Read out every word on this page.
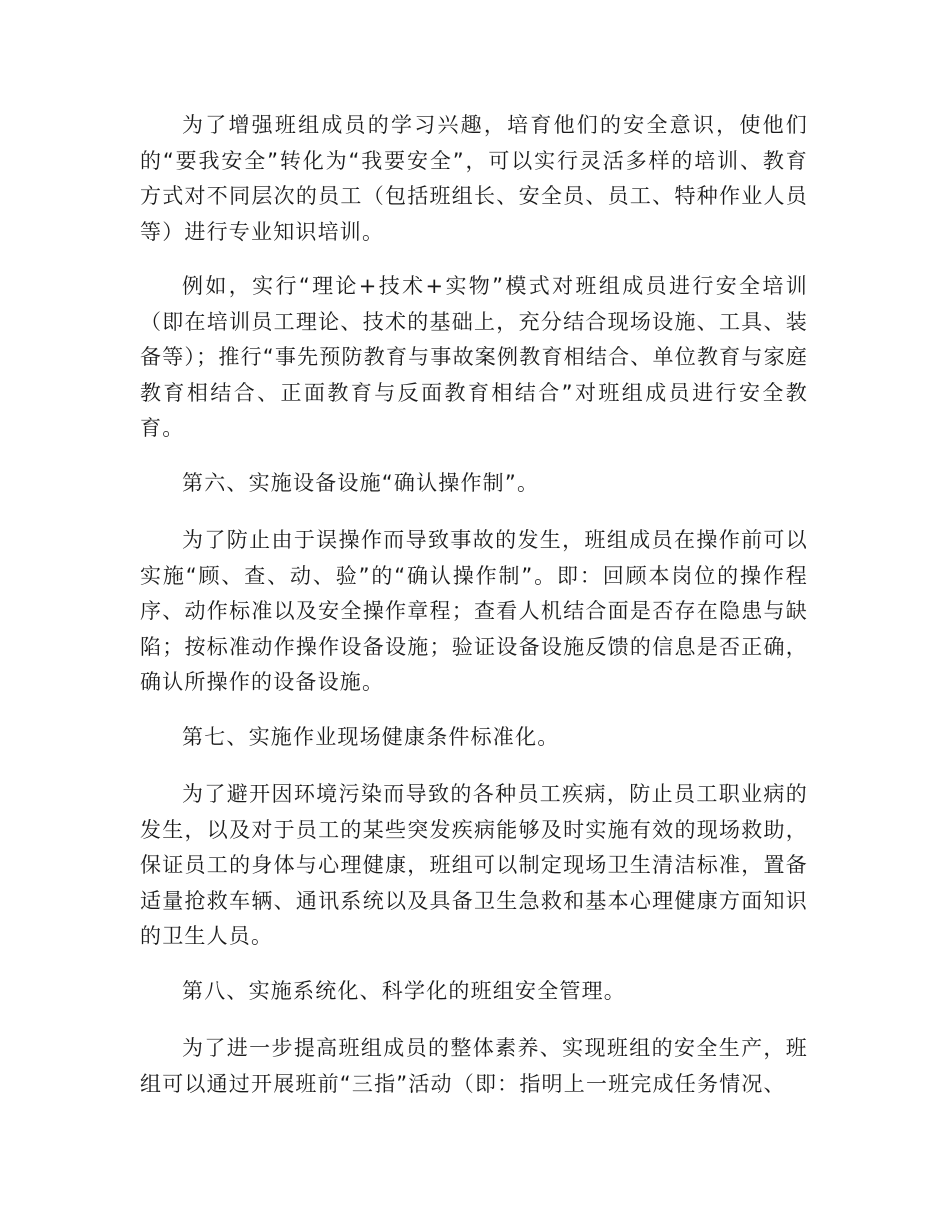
为了增强班组成员的学习兴趣，培育他们的安全意识，使他们的“要我安全”转化为“我要安全”，可以实行灵活多样的培训、教育方式对不同层次的员工（包括班组长、安全员、员工、特种作业人员等）进行专业知识培训。

例如，实行“理论+技术+实物”模式对班组成员进行安全培训（即在培训员工理论、技术的基础上，充分结合现场设施、工具、装备等）；推行“事先预防教育与事故案例教育相结合、单位教育与家庭教育相结合、正面教育与反面教育相结合”对班组成员进行安全教育。

第六、实施设备设施“确认操作制”。

为了防止由于误操作而导致事故的发生，班组成员在操作前可以实施“顾、查、动、验”的“确认操作制”。即：回顾本岗位的操作程序、动作标准以及安全操作章程；查看人机结合面是否存在隐患与缺陷；按标准动作操作设备设施；验证设备设施反馈的信息是否正确，确认所操作的设备设施。

第七、实施作业现场健康条件标准化。

为了避开因环境污染而导致的各种员工疾病，防止员工职业病的发生，以及对于员工的某些突发疾病能够及时实施有效的现场救助，保证员工的身体与心理健康，班组可以制定现场卫生清洁标准，置备适量抢救车辆、通讯系统以及具备卫生急救和基本心理健康方面知识的卫生人员。

第八、实施系统化、科学化的班组安全管理。

为了进一步提高班组成员的整体素养、实现班组的安全生产，班组可以通过开展班前“三指”活动（即：指明上一班完成任务情况、
